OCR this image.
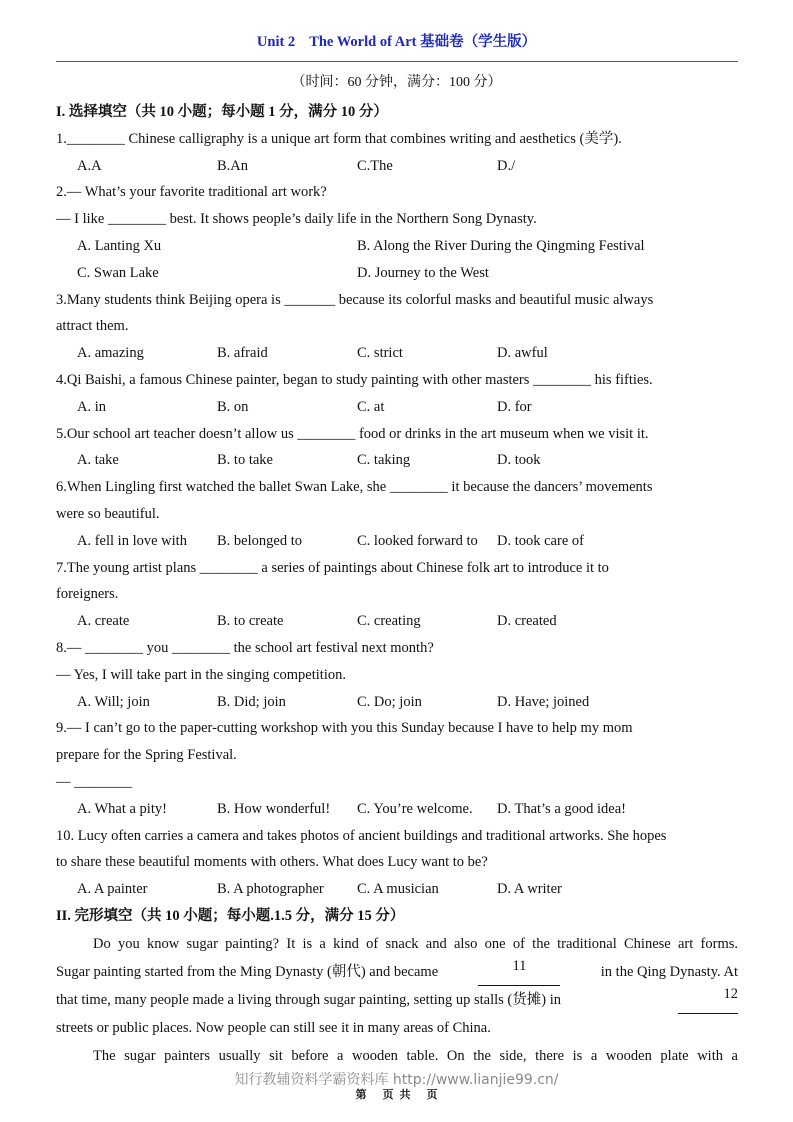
Unit 2 The World of Art 基础卷（学生版）
（时间：60 分钟，满分：100 分）
I. 选择填空（共 10 小题；每小题 1 分，满分 10 分）
1.________ Chinese calligraphy is a unique art form that combines writing and aesthetics (美学).
A.A	B.An	C.The	D./
2.— What’s your favorite traditional art work?
— I like ________ best. It shows people’s daily life in the Northern Song Dynasty.
A. Lanting Xu	B. Along the River During the Qingming Festival
C. Swan Lake	D. Journey to the West
3.Many students think Beijing opera is _______ because its colorful masks and beautiful music always
attract them.
A. amazing	B. afraid	C. strict	D. awful
4.Qi Baishi, a famous Chinese painter, began to study painting with other masters ________ his fifties.
A. in	B. on	C. at	D. for
5.Our school art teacher doesn’t allow us ________ food or drinks in the art museum when we visit it.
A. take	B. to take	C. taking	D. took
6.When Lingling first watched the ballet Swan Lake, she ________ it because the dancers’ movements
were so beautiful.
A. fell in love with	B. belonged to	C. looked forward to	D. took care of
7.The young artist plans ________ a series of paintings about Chinese folk art to introduce it to
foreigners.
A. create	B. to create	C. creating	D. created
8.— ________ you ________ the school art festival next month?
— Yes, I will take part in the singing competition.
A. Will; join	B. Did; join	C. Do; join	D. Have; joined
9.— I can’t go to the paper-cutting workshop with you this Sunday because I have to help my mom
prepare for the Spring Festival.
— ________
A. What a pity!	B. How wonderful!	C. You’re welcome.	D. That’s a good idea!
10. Lucy often carries a camera and takes photos of ancient buildings and traditional artworks. She hopes
to share these beautiful moments with others. What does Lucy want to be?
A. A painter	B. A photographer	C. A musician	D. A writer
II. 完形填空（共 10 小题；每小题.1.5 分，满分 15 分）
Do you know sugar painting? It is a kind of snack and also one of the traditional Chinese art forms.
Sugar painting started from the Ming Dynasty (朝代) and became	11	in the Qing Dynasty. At
that time, many people made a living through sugar painting, setting up stalls (货摊) in	12
streets or public places. Now people can still see it in many areas of China.
The sugar painters usually sit before a wooden table. On the side, there is a wooden plate with a
知行教辅资料学霸资料库 http://www.lianjie99.cn/
第 页 共 页
